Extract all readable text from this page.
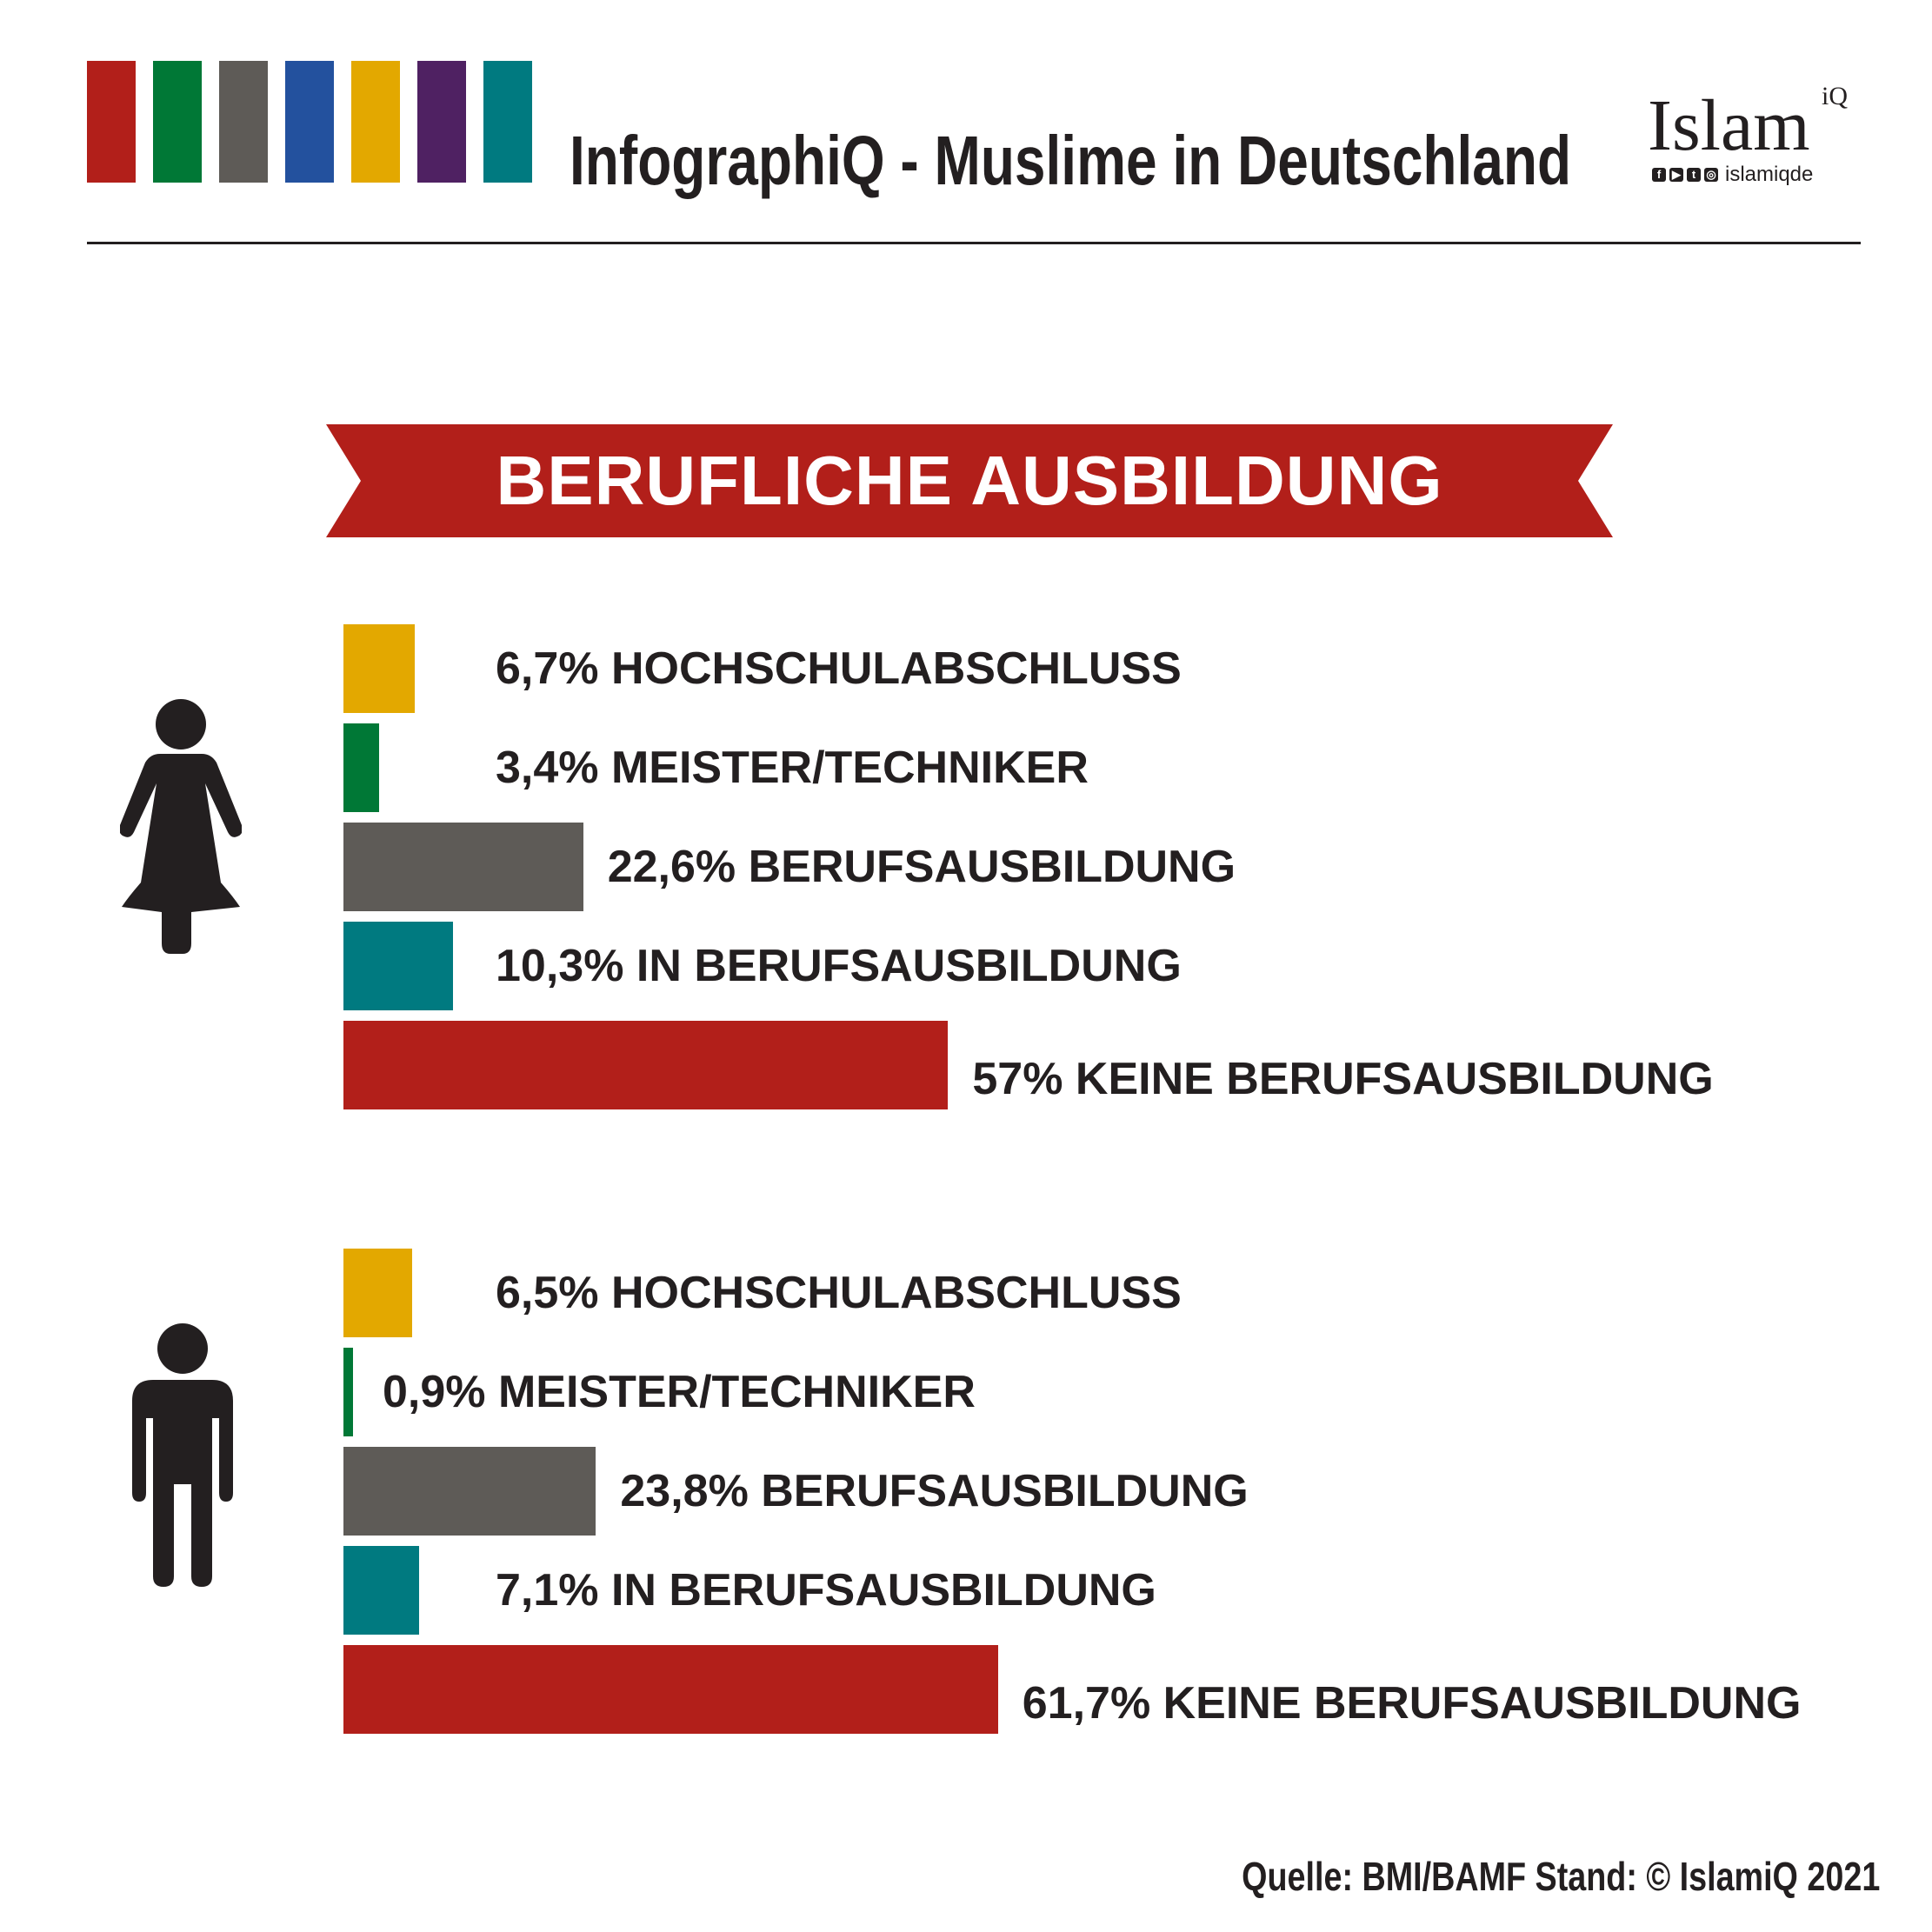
InfographiQ - Muslime in Deutschland Islam iQ
f ▶ t ◎ islamiqde
BERUFLICHE AUSBILDUNG
6,7% HOCHSCHULABSCHLUSS
3,4% MEISTER/TECHNIKER
22,6% BERUFSAUSBILDUNG
10,3% IN BERUFSAUSBILDUNG
57% KEINE BERUFSAUSBILDUNG
6,5% HOCHSCHULABSCHLUSS
0,9% MEISTER/TECHNIKER
23,8% BERUFSAUSBILDUNG
7,1% IN BERUFSAUSBILDUNG
61,7% KEINE BERUFSAUSBILDUNG
Quelle: BMI/BAMF Stand: © IslamiQ 2021
